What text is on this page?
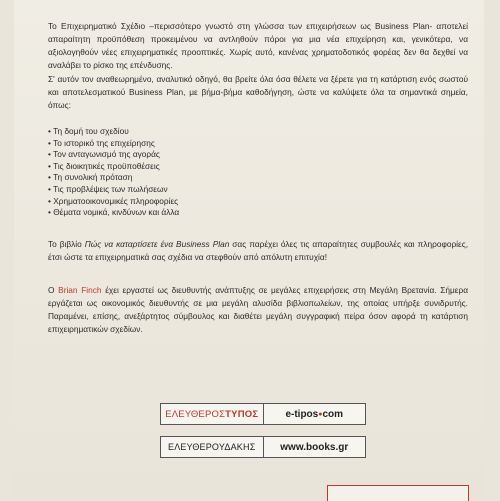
Το Επιχειρηματικό Σχέδιο –περισσότερο γνωστό στη γλώσσα των επιχειρήσεων ως Business Plan- αποτελεί απαραίτητη προϋπόθεση προκειμένου να αντληθούν πόροι για μια νέα επιχείρηση και, γενικότερα, να αξιολογηθούν νέες επιχειρηματικές προοπτικές. Χωρίς αυτό, κανένας χρηματοδοτικός φορέας δεν θα δεχθεί να αναλάβει το ρίσκο της επένδυσης.

Σ' αυτόν τον αναθεωρημένο, αναλυτικό οδηγό, θα βρείτε όλα όσα θέλετε να ξέρετε για τη κατάρτιση ενός σωστού και αποτελεσματικού Business Plan, με βήμα-βήμα καθοδήγηση, ώστε να καλύψετε όλα τα σημαντικά σημεία, όπως:

• Τη δομή του σχεδίου
• Το ιστορικό της επιχείρησης
• Τον ανταγωνισμό της αγοράς
• Τις διοικητικές προϋποθέσεις
• Τη συνολική πρόταση
• Τις προβλέψεις των πωλήσεων
• Χρηματοοικονομικές πληροφορίες
• Θέματα νομικά, κινδύνων και άλλα

Το βιβλίο Πώς να καταρτίσετε ένα Business Plan σας παρέχει όλες τις απαραίτητες συμβουλές και πληροφορίες, έτσι ώστε τα επιχειρηματικά σας σχέδια να στεφθούν από απόλυτη επιτυχία!

Ο Brian Finch έχει εργαστεί ως διευθυντής ανάπτυξης σε μεγάλες επιχειρήσεις στη Μεγάλη Βρετανία. Σήμερα εργάζεται ως οικονομικός διευθυντής σε μια μεγάλη αλυσίδα βιβλιοπωλείων, της οποίας υπήρξε συνιδρυτής. Παραμένει, επίσης, ανεξάρτητος σύμβουλος και διαθέτει μεγάλη συγγραφική πείρα όσον αφορά τη κατάρτιση επιχειρηματικών σχεδίων.

ΕΛΕΥΘΕΡΟΣ ΤΥΠΟΣ	e-tipos ● com
ΕΛΕΥΘΕΡΟΥΔΑΚΗΣ	www.books.gr
